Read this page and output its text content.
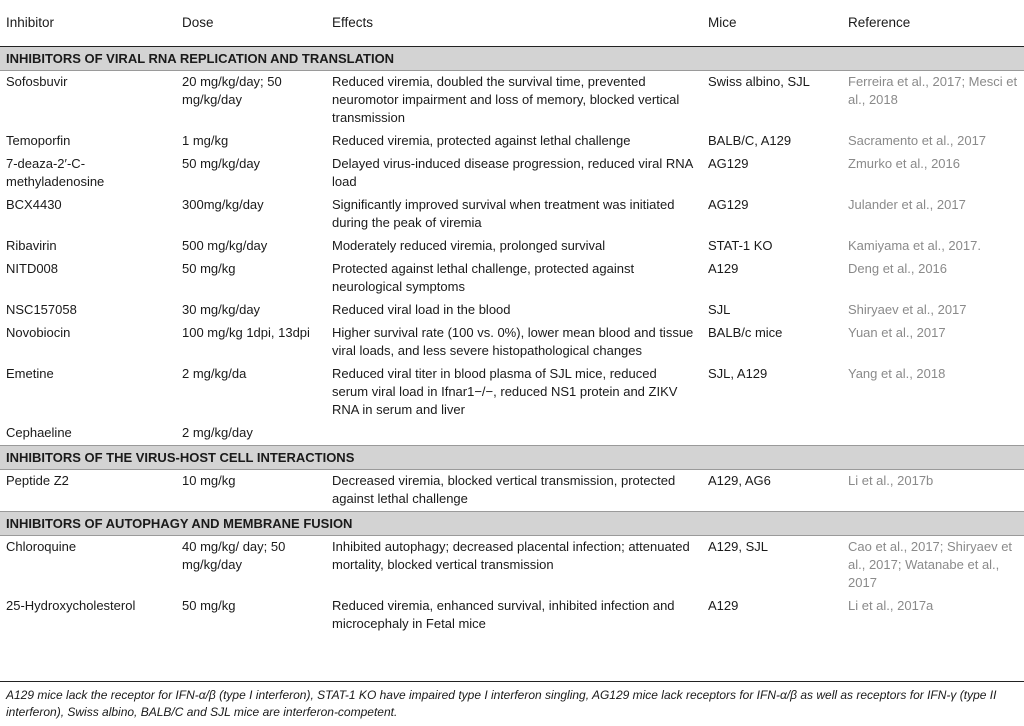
Inhibitor	Dose	Effects	Mice	Reference
INHIBITORS OF VIRAL RNA REPLICATION AND TRANSLATION				
Sofosbuvir	20 mg/kg/day; 50 mg/kg/day	Reduced viremia, doubled the survival time, prevented neuromotor impairment and loss of memory, blocked vertical transmission	Swiss albino, SJL	Ferreira et al., 2017; Mesci et al., 2018
Temoporfin	1 mg/kg	Reduced viremia, protected against lethal challenge	BALB/C, A129	Sacramento et al., 2017
7-deaza-2′-C-methyladenosine	50 mg/kg/day	Delayed virus-induced disease progression, reduced viral RNA load	AG129	Zmurko et al., 2016
BCX4430	300mg/kg/day	Significantly improved survival when treatment was initiated during the peak of viremia	AG129	Julander et al., 2017
Ribavirin	500 mg/kg/day	Moderately reduced viremia, prolonged survival	STAT-1 KO	Kamiyama et al., 2017.
NITD008	50 mg/kg	Protected against lethal challenge, protected against neurological symptoms	A129	Deng et al., 2016
NSC157058	30 mg/kg/day	Reduced viral load in the blood	SJL	Shiryaev et al., 2017
Novobiocin	100 mg/kg 1dpi, 13dpi	Higher survival rate (100 vs. 0%), lower mean blood and tissue viral loads, and less severe histopathological changes	BALB/c mice	Yuan et al., 2017
Emetine	2 mg/kg/da	Reduced viral titer in blood plasma of SJL mice, reduced serum viral load in Ifnar1−/−, reduced NS1 protein and ZIKV RNA in serum and liver	SJL, A129	Yang et al., 2018
Cephaeline	2 mg/kg/day			
INHIBITORS OF THE VIRUS-HOST CELL INTERACTIONS				
Peptide Z2	10 mg/kg	Decreased viremia, blocked vertical transmission, protected against lethal challenge	A129, AG6	Li et al., 2017b
INHIBITORS OF AUTOPHAGY AND MEMBRANE FUSION				
Chloroquine	40 mg/kg/ day; 50 mg/kg/day	Inhibited autophagy; decreased placental infection; attenuated mortality, blocked vertical transmission	A129, SJL	Cao et al., 2017; Shiryaev et al., 2017; Watanabe et al., 2017
25-Hydroxycholesterol	50 mg/kg	Reduced viremia, enhanced survival, inhibited infection and microcephaly in Fetal mice	A129	Li et al., 2017a
A129 mice lack the receptor for IFN-α/β (type I interferon), STAT-1 KO have impaired type I interferon singling, AG129 mice lack receptors for IFN-α/β as well as receptors for IFN-γ (type II interferon), Swiss albino, BALB/C and SJL mice are interferon-competent.
